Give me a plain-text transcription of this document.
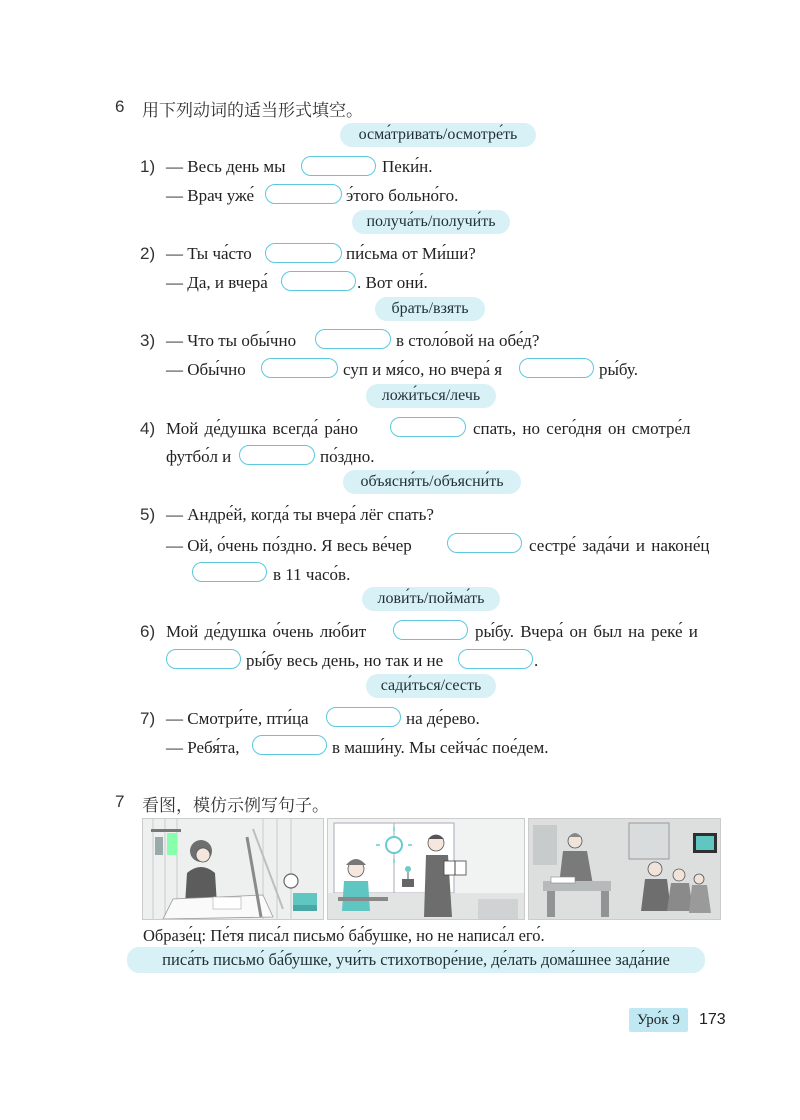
6 用下列动词的适当形式填空。
осма́тривать/осмотре́ть
1) — Весь день мы	Пеки́н.
— Врач уже́	э́того больно́го.
получа́ть/получи́ть
2) — Ты ча́сто	пи́сьма от Ми́ши?
— Да, и вчера́	. Вот они́.
брать/взять
3) — Что ты обы́чно	в столо́вой на обе́д?
— Обы́чно	суп и мя́со, но вчера́ я	ры́бу.
ложи́ться/лечь
4) Мой де́душка всегда́ ра́но	спать, но сего́дня он смотре́л
футбо́л и	по́здно.
объясня́ть/объясни́ть
5) — Андре́й, когда́ ты вчера́ лёг спать?
— Ой, о́чень по́здно. Я весь ве́чер	сестре́ зада́чи и наконе́ц
в 11 часо́в.
лови́ть/пойма́ть
6) Мой де́душка о́чень лю́бит	ры́бу. Вчера́ он был на реке́ и
ры́бу весь день, но так и не	.
сади́ться/сесть
7) — Смотри́те, пти́ца	на де́рево.
— Ребя́та,	в маши́ну. Мы сейча́с пое́дем.
7 看图，模仿示例写句子。
Образе́ц: Пе́тя писа́л письмо́ ба́бушке, но не написа́л его́.
писа́ть письмо́ ба́бушке, учи́ть стихотворе́ние, де́лать дома́шнее зада́ние
Уро́к 9	173
